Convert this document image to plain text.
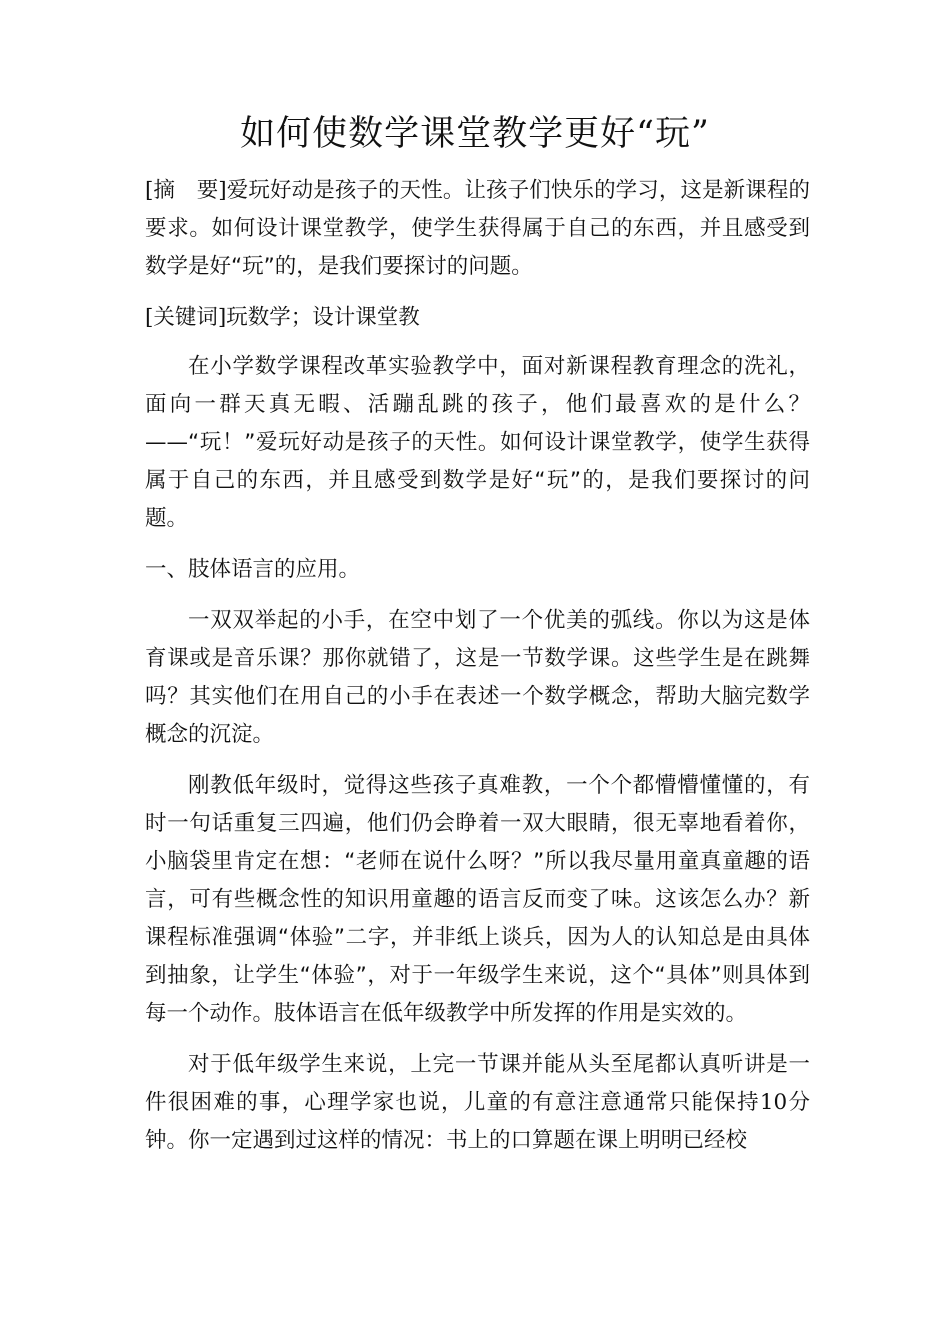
如何使数学课堂教学更好“玩”

[摘　要]爱玩好动是孩子的天性。让孩子们快乐的学习，这是新课程的要求。如何设计课堂教学，使学生获得属于自己的东西，并且感受到数学是好“玩”的，是我们要探讨的问题。

[关键词]玩数学；设计课堂教

在小学数学课程改革实验教学中，面对新课程教育理念的洗礼，面向一群天真无暇、活蹦乱跳的孩子，他们最喜欢的是什么？——“玩！”爱玩好动是孩子的天性。如何设计课堂教学，使学生获得属于自己的东西，并且感受到数学是好“玩”的，是我们要探讨的问题。

一、肢体语言的应用。

一双双举起的小手，在空中划了一个优美的弧线。你以为这是体育课或是音乐课？那你就错了，这是一节数学课。这些学生是在跳舞吗？其实他们在用自己的小手在表述一个数学概念，帮助大脑完数学概念的沉淀。

刚教低年级时，觉得这些孩子真难教，一个个都懵懵懂懂的，有时一句话重复三四遍，他们仍会睁着一双大眼睛，很无辜地看着你，小脑袋里肯定在想：“老师在说什么呀？”所以我尽量用童真童趣的语言，可有些概念性的知识用童趣的语言反而变了味。这该怎么办？新课程标准强调“体验”二字，并非纸上谈兵，因为人的认知总是由具体到抽象，让学生“体验”，对于一年级学生来说，这个“具体”则具体到每一个动作。肢体语言在低年级教学中所发挥的作用是实效的。

对于低年级学生来说，上完一节课并能从头至尾都认真听讲是一件很困难的事，心理学家也说，儿童的有意注意通常只能保持10分钟。你一定遇到过这样的情况：书上的口算题在课上明明已经校
